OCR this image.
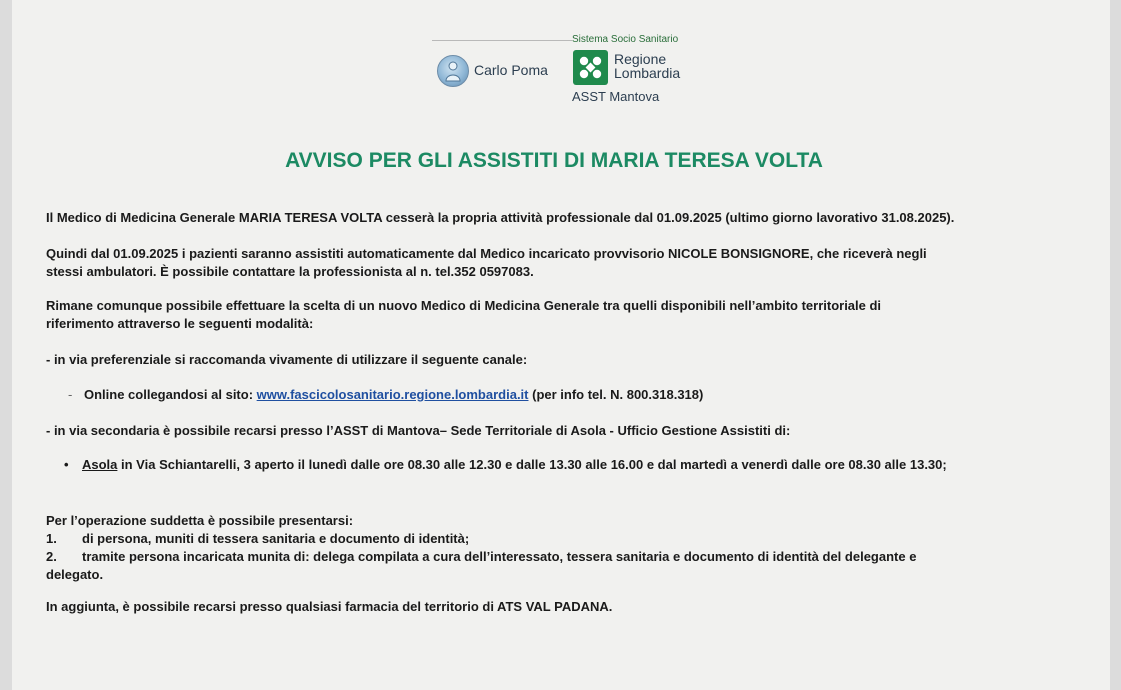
Sistema Socio Sanitario
Carlo Poma
Regione
Lombardia
ASST Mantova
AVVISO PER GLI ASSISTITI DI MARIA TERESA VOLTA
Il Medico di Medicina Generale MARIA TERESA VOLTA cesserà la propria attività professionale dal 01.09.2025 (ultimo giorno lavorativo 31.08.2025).
Quindi dal 01.09.2025 i pazienti saranno assistiti automaticamente dal Medico incaricato provvisorio NICOLE BONSIGNORE, che riceverà negli
stessi ambulatori. È possibile contattare la professionista al n. tel.352 0597083.
Rimane comunque possibile effettuare la scelta di un nuovo Medico di Medicina Generale tra quelli disponibili nell’ambito territoriale di
riferimento attraverso le seguenti modalità:
- in via preferenziale si raccomanda vivamente di utilizzare il seguente canale:
- Online collegandosi al sito: www.fascicolosanitario.regione.lombardia.it (per info tel. N. 800.318.318)
- in via secondaria è possibile recarsi presso l’ASST di Mantova– Sede Territoriale di Asola - Ufficio Gestione Assistiti di:
• Asola in Via Schiantarelli, 3 aperto il lunedì dalle ore 08.30 alle 12.30 e dalle 13.30 alle 16.00 e dal martedì a venerdì dalle ore 08.30 alle 13.30;
Per l’operazione suddetta è possibile presentarsi:
1. di persona, muniti di tessera sanitaria e documento di identità;
2. tramite persona incaricata munita di: delega compilata a cura dell’interessato, tessera sanitaria e documento di identità del delegante e
delegato.
In aggiunta, è possibile recarsi presso qualsiasi farmacia del territorio di ATS VAL PADANA.
